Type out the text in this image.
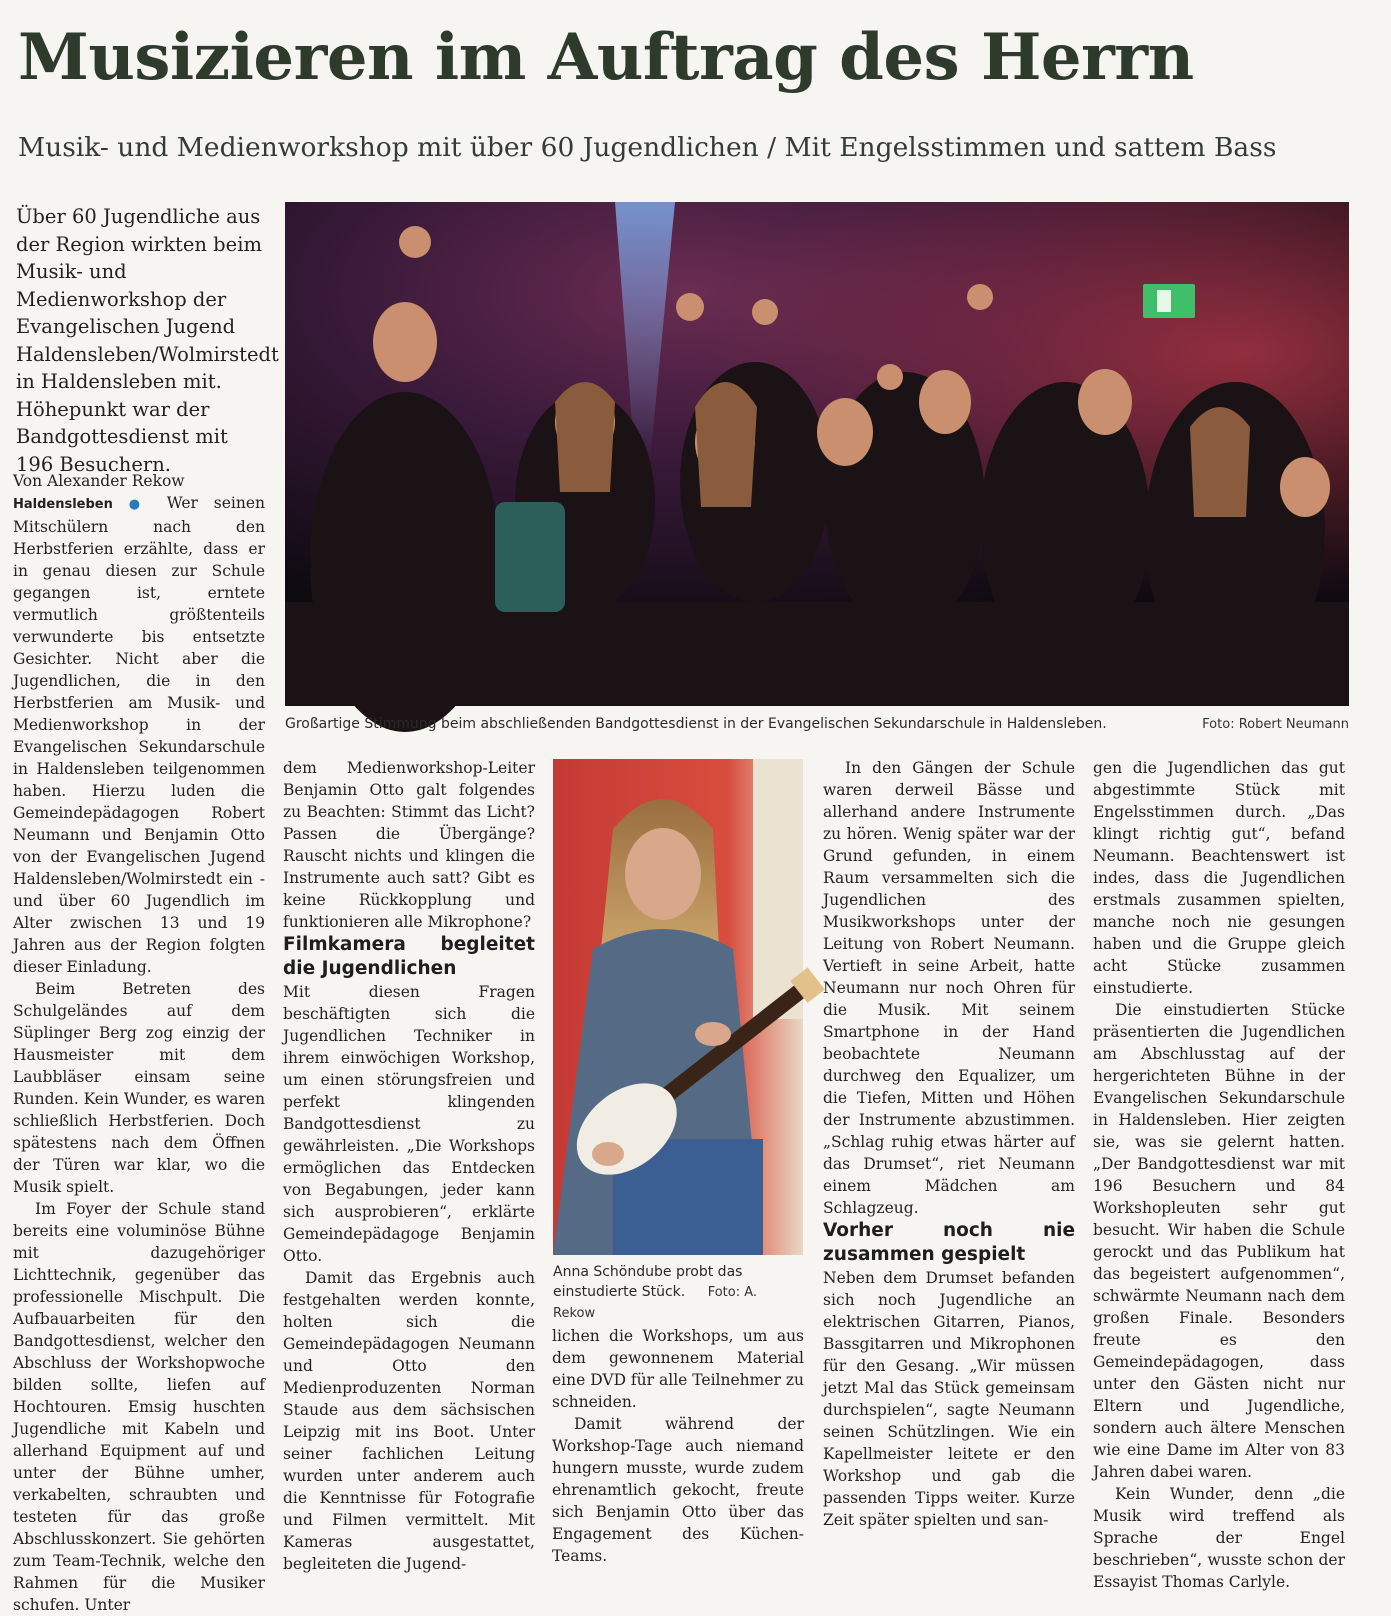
Musizieren im Auftrag des Herrn
Musik- und Medienworkshop mit über 60 Jugendlichen / Mit Engelsstimmen und sattem Bass

Über 60 Jugendliche aus der Region wirkten beim Musik- und Medienworkshop der Evangelischen Jugend Haldensleben/Wolmirstedt in Haldensleben mit. Höhepunkt war der Bandgottesdienst mit 196 Besuchern.

Großartige Stimmung beim abschließenden Bandgottesdienst in der Evangelischen Sekundarschule in Haldensleben.	Foto: Robert Neumann
Anna Schöndube probt das einstudierte Stück. Foto: A. Rekow

Von Alexander Rekow

Haldensleben ● Wer seinen Mitschülern nach den Herbstferien erzählte, dass er in genau diesen zur Schule gegangen ist, erntete vermutlich größtenteils verwunderte bis entsetzte Gesichter. Nicht aber die Jugendlichen, die in den Herbstferien am Musik- und Medienworkshop in der Evangelischen Sekundarschule in Haldensleben teilgenommen haben. Hierzu luden die Gemeindepädagogen Robert Neumann und Benjamin Otto von der Evangelischen Jugend Haldensleben/Wolmirstedt ein - und über 60 Jugendlich im Alter zwischen 13 und 19 Jahren aus der Region folgten dieser Einladung.

Beim Betreten des Schulgeländes auf dem Süplinger Berg zog einzig der Hausmeister mit dem Laubbläser einsam seine Runden. Kein Wunder, es waren schließlich Herbstferien. Doch spätestens nach dem Öffnen der Türen war klar, wo die Musik spielt.

Im Foyer der Schule stand bereits eine voluminöse Bühne mit dazugehöriger Lichttechnik, gegenüber das professionelle Mischpult. Die Aufbauarbeiten für den Bandgottesdienst, welcher den Abschluss der Workshopwoche bilden sollte, liefen auf Hochtouren. Emsig huschten Jugendliche mit Kabeln und allerhand Equipment auf und unter der Bühne umher, verkabelten, schraubten und testeten für das große Abschlusskonzert. Sie gehörten zum Team-Technik, welche den Rahmen für die Musiker schufen. Unter

dem Medienworkshop-Leiter Benjamin Otto galt folgendes zu Beachten: Stimmt das Licht? Passen die Übergänge? Rauscht nichts und klingen die Instrumente auch satt? Gibt es keine Rückkopplung und funktionieren alle Mikrophone?

Filmkamera begleitet die Jugendlichen

Mit diesen Fragen beschäftigten sich die Jugendlichen Techniker in ihrem einwöchigen Workshop, um einen störungsfreien und perfekt klingenden Bandgottesdienst zu gewährleisten. „Die Workshops ermöglichen das Entdecken von Begabungen, jeder kann sich ausprobieren“, erklärte Gemeindepädagoge Benjamin Otto.

Damit das Ergebnis auch festgehalten werden konnte, holten sich die Gemeindepädagogen Neumann und Otto den Medienproduzenten Norman Staude aus dem sächsischen Leipzig mit ins Boot. Unter seiner fachlichen Leitung wurden unter anderem auch die Kenntnisse für Fotografie und Filmen vermittelt. Mit Kameras ausgestattet, begleiteten die Jugend-

lichen die Workshops, um aus dem gewonnenem Material eine DVD für alle Teilnehmer zu schneiden.

Damit während der Workshop-Tage auch niemand hungern musste, wurde zudem ehrenamtlich gekocht, freute sich Benjamin Otto über das Engagement des Küchen-Teams.

In den Gängen der Schule waren derweil Bässe und allerhand andere Instrumente zu hören. Wenig später war der Grund gefunden, in einem Raum versammelten sich die Jugendlichen des Musikworkshops unter der Leitung von Robert Neumann. Vertieft in seine Arbeit, hatte Neumann nur noch Ohren für die Musik. Mit seinem Smartphone in der Hand beobachtete Neumann durchweg den Equalizer, um die Tiefen, Mitten und Höhen der Instrumente abzustimmen. „Schlag ruhig etwas härter auf das Drumset“, riet Neumann einem Mädchen am Schlagzeug.

Vorher noch nie zusammen gespielt

Neben dem Drumset befanden sich noch Jugendliche an elektrischen Gitarren, Pianos, Bassgitarren und Mikrophonen für den Gesang. „Wir müssen jetzt Mal das Stück gemeinsam durchspielen“, sagte Neumann seinen Schützlingen. Wie ein Kapellmeister leitete er den Workshop und gab die passenden Tipps weiter. Kurze Zeit später spielten und san-

gen die Jugendlichen das gut abgestimmte Stück mit Engelsstimmen durch. „Das klingt richtig gut“, befand Neumann. Beachtenswert ist indes, dass die Jugendlichen erstmals zusammen spielten, manche noch nie gesungen haben und die Gruppe gleich acht Stücke zusammen einstudierte.

Die einstudierten Stücke präsentierten die Jugendlichen am Abschlusstag auf der hergerichteten Bühne in der Evangelischen Sekundarschule in Haldensleben. Hier zeigten sie, was sie gelernt hatten. „Der Bandgottesdienst war mit 196 Besuchern und 84 Workshopleuten sehr gut besucht. Wir haben die Schule gerockt und das Publikum hat das begeistert aufgenommen“, schwärmte Neumann nach dem großen Finale. Besonders freute es den Gemeindepädagogen, dass unter den Gästen nicht nur Eltern und Jugendliche, sondern auch ältere Menschen wie eine Dame im Alter von 83 Jahren dabei waren.

Kein Wunder, denn „die Musik wird treffend als Sprache der Engel beschrieben“, wusste schon der Essayist Thomas Carlyle.
